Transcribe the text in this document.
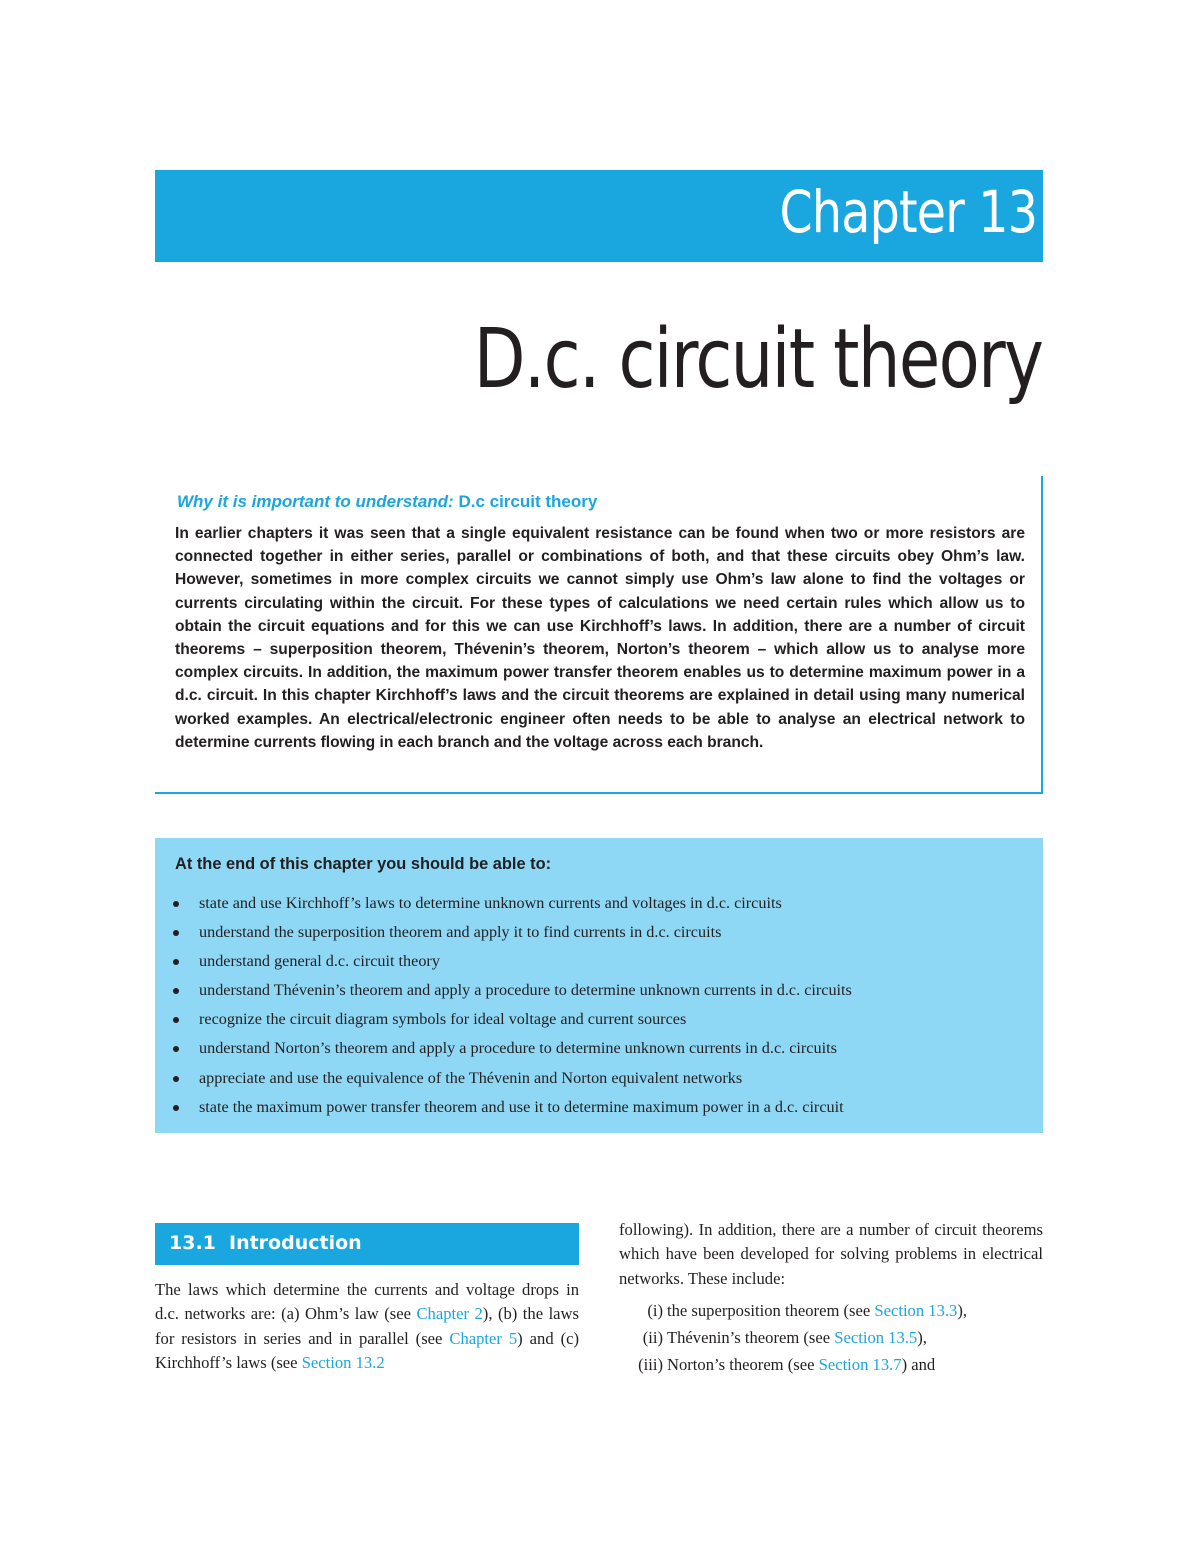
Chapter 13
D.c. circuit theory
Why it is important to understand: D.c circuit theory

In earlier chapters it was seen that a single equivalent resistance can be found when two or more resistors are connected together in either series, parallel or combinations of both, and that these circuits obey Ohm’s law. However, sometimes in more complex circuits we cannot simply use Ohm’s law alone to find the voltages or currents circulating within the circuit. For these types of calculations we need certain rules which allow us to obtain the circuit equations and for this we can use Kirchhoff’s laws. In addition, there are a number of circuit theorems – superposition theorem, Thévenin’s theorem, Norton’s theorem – which allow us to analyse more complex circuits. In addition, the maximum power transfer theorem enables us to determine maximum power in a d.c. circuit. In this chapter Kirchhoff’s laws and the circuit theorems are explained in detail using many numerical worked examples. An electrical/electronic engineer often needs to be able to analyse an electrical network to determine currents flowing in each branch and the voltage across each branch.

At the end of this chapter you should be able to:
state and use Kirchhoff’s laws to determine unknown currents and voltages in d.c. circuits
understand the superposition theorem and apply it to find currents in d.c. circuits
understand general d.c. circuit theory
understand Thévenin’s theorem and apply a procedure to determine unknown currents in d.c. circuits
recognize the circuit diagram symbols for ideal voltage and current sources
understand Norton’s theorem and apply a procedure to determine unknown currents in d.c. circuits
appreciate and use the equivalence of the Thévenin and Norton equivalent networks
state the maximum power transfer theorem and use it to determine maximum power in a d.c. circuit
13.1 Introduction

The laws which determine the currents and voltage drops in d.c. networks are: (a) Ohm’s law (see Chapter 2), (b) the laws for resistors in series and in parallel (see Chapter 5) and (c) Kirchhoff’s laws (see Section 13.2

following). In addition, there are a number of circuit theorems which have been developed for solving problems in electrical networks. These include:

(i) the superposition theorem (see Section 13.3),
(ii) Thévenin’s theorem (see Section 13.5),
(iii) Norton’s theorem (see Section 13.7) and
